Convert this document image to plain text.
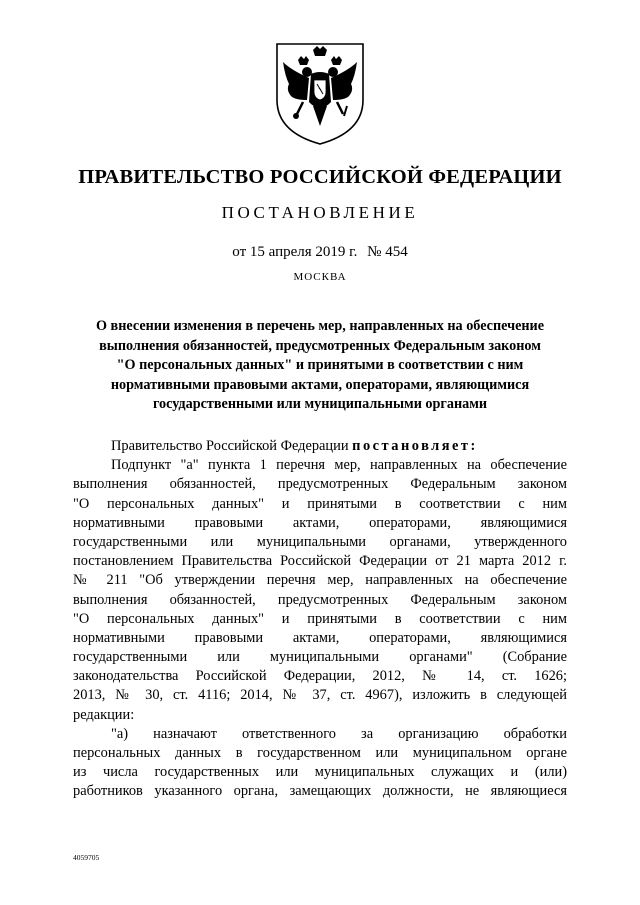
ПРАВИТЕЛЬСТВО РОССИЙСКОЙ ФЕДЕРАЦИИ
ПОСТАНОВЛЕНИЕ
от 15 апреля 2019 г. № 454
МОСКВА
О внесении изменения в перечень мер, направленных на обеспечение
выполнения обязанностей, предусмотренных Федеральным законом
"О персональных данных" и принятыми в соответствии с ним
нормативными правовыми актами, операторами, являющимися
государственными или муниципальными органами
Правительство Российской Федерации постановляет:
Подпункт "а" пункта 1 перечня мер, направленных на обеспечение
выполнения обязанностей, предусмотренных Федеральным законом
"О персональных данных" и принятыми в соответствии с ним
нормативными правовыми актами, операторами, являющимися
государственными или муниципальными органами, утвержденного
постановлением Правительства Российской Федерации от 21 марта 2012 г.
№ 211 "Об утверждении перечня мер, направленных на обеспечение
выполнения обязанностей, предусмотренных Федеральным законом
"О персональных данных" и принятыми в соответствии с ним
нормативными правовыми актами, операторами, являющимися
государственными или муниципальными органами" (Собрание
законодательства Российской Федерации, 2012, № 14, ст. 1626;
2013, № 30, ст. 4116; 2014, № 37, ст. 4967), изложить в следующей
редакции:
"а) назначают ответственного за организацию обработки
персональных данных в государственном или муниципальном органе
из числа государственных или муниципальных служащих и (или)
работников указанного органа, замещающих должности, не являющиеся
4059705
